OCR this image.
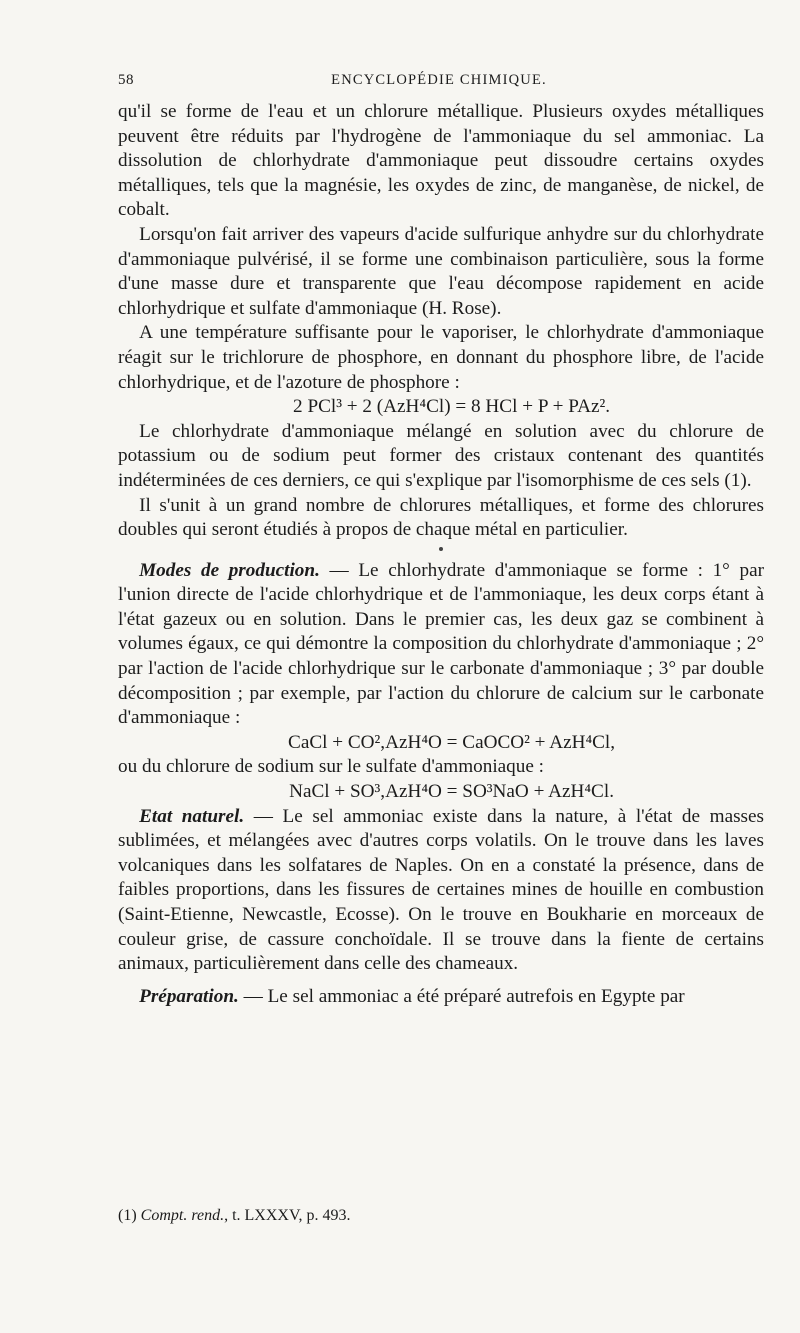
58	ENCYCLOPÉDIE CHIMIQUE.

qu'il se forme de l'eau et un chlorure métallique. Plusieurs oxydes métalliques peuvent être réduits par l'hydrogène de l'ammoniaque du sel ammoniac. La dissolution de chlorhydrate d'ammoniaque peut dissoudre certains oxydes métalliques, tels que la magnésie, les oxydes de zinc, de manganèse, de nickel, de cobalt.

Lorsqu'on fait arriver des vapeurs d'acide sulfurique anhydre sur du chlorhydrate d'ammoniaque pulvérisé, il se forme une combinaison particulière, sous la forme d'une masse dure et transparente que l'eau décompose rapidement en acide chlorhydrique et sulfate d'ammoniaque (H. Rose).

A une température suffisante pour le vaporiser, le chlorhydrate d'ammoniaque réagit sur le trichlorure de phosphore, en donnant du phosphore libre, de l'acide chlorhydrique, et de l'azoture de phosphore :

2 PCl³ + 2 (AzH⁴Cl) = 8 HCl + P + PAz².

Le chlorhydrate d'ammoniaque mélangé en solution avec du chlorure de potassium ou de sodium peut former des cristaux contenant des quantités indéterminées de ces derniers, ce qui s'explique par l'isomorphisme de ces sels (1).

Il s'unit à un grand nombre de chlorures métalliques, et forme des chlorures doubles qui seront étudiés à propos de chaque métal en particulier.

Modes de production. — Le chlorhydrate d'ammoniaque se forme : 1° par l'union directe de l'acide chlorhydrique et de l'ammoniaque, les deux corps étant à l'état gazeux ou en solution. Dans le premier cas, les deux gaz se combinent à volumes égaux, ce qui démontre la composition du chlorhydrate d'ammoniaque ; 2° par l'action de l'acide chlorhydrique sur le carbonate d'ammoniaque ; 3° par double décomposition ; par exemple, par l'action du chlorure de calcium sur le carbonate d'ammoniaque :

CaCl + CO²,AzH⁴O = CaOCO² + AzH⁴Cl,

ou du chlorure de sodium sur le sulfate d'ammoniaque :

NaCl + SO³,AzH⁴O = SO³NaO + AzH⁴Cl.

Etat naturel. — Le sel ammoniac existe dans la nature, à l'état de masses sublimées, et mélangées avec d'autres corps volatils. On le trouve dans les laves volcaniques dans les solfatares de Naples. On en a constaté la présence, dans de faibles proportions, dans les fissures de certaines mines de houille en combustion (Saint-Etienne, Newcastle, Ecosse). On le trouve en Boukharie en morceaux de couleur grise, de cassure conchoïdale. Il se trouve dans la fiente de certains animaux, particulièrement dans celle des chameaux.

Préparation. — Le sel ammoniac a été préparé autrefois en Egypte par

(1) Compt. rend., t. LXXXV, p. 493.
